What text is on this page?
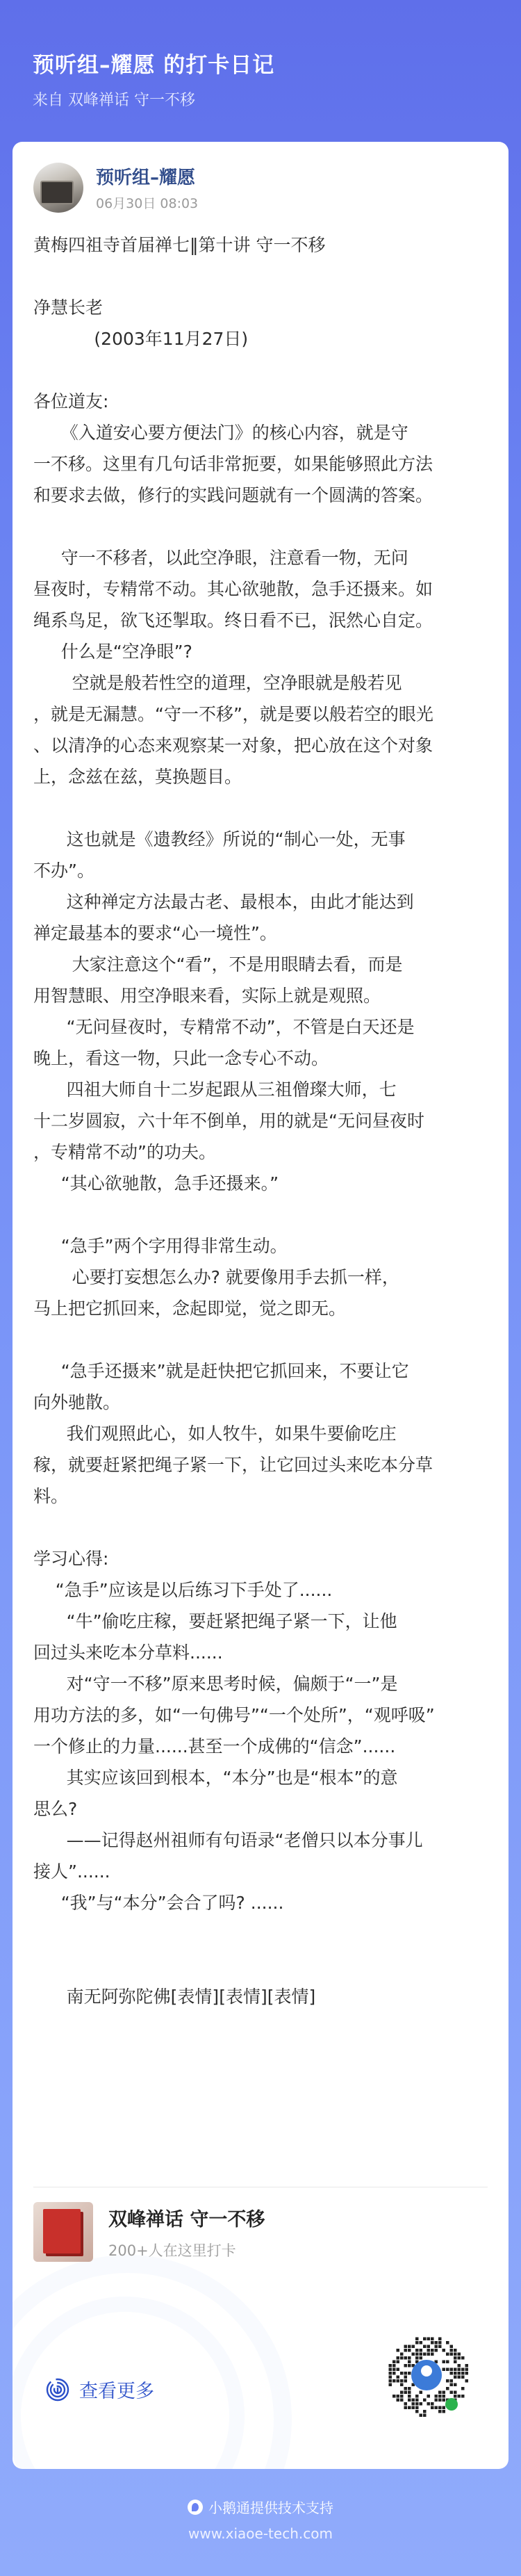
预听组–耀愿 的打卡日记
来自 双峰禅话 守一不移
预听组–耀愿
06月30日 08:03
黄梅四祖寺首届禅七‖第十讲 守一不移
净慧长老
(2003年11月27日)
各位道友:
《入道安心要方便法门》的核心内容，就是守
一不移。这里有几句话非常扼要，如果能够照此方法
和要求去做，修行的实践问题就有一个圆满的答案。
守一不移者，以此空净眼，注意看一物，无问
昼夜时，专精常不动。其心欲驰散，急手还摄来。如
绳系鸟足，欲飞还掣取。终日看不已，泯然心自定。
什么是“空净眼”?
空就是般若性空的道理，空净眼就是般若见
，就是无漏慧。“守一不移”，就是要以般若空的眼光
、以清净的心态来观察某一对象，把心放在这个对象
上，念兹在兹，莫换题目。
这也就是《遗教经》所说的“制心一处，无事
不办”。
这种禅定方法最古老、最根本，由此才能达到
禅定最基本的要求“心一境性”。
大家注意这个“看”，不是用眼睛去看，而是
用智慧眼、用空净眼来看，实际上就是观照。
“无问昼夜时，专精常不动”，不管是白天还是
晚上，看这一物，只此一念专心不动。
四祖大师自十二岁起跟从三祖僧璨大师，七
十二岁圆寂，六十年不倒单，用的就是“无问昼夜时
，专精常不动”的功夫。
“其心欲驰散，急手还摄来。”
“急手”两个字用得非常生动。
心要打妄想怎么办? 就要像用手去抓一样，
马上把它抓回来，念起即觉，觉之即无。
“急手还摄来”就是赶快把它抓回来，不要让它
向外驰散。
我们观照此心，如人牧牛，如果牛要偷吃庄
稼，就要赶紧把绳子紧一下，让它回过头来吃本分草
料。
学习心得:
“急手”应该是以后练习下手处了......
“牛”偷吃庄稼，要赶紧把绳子紧一下，让他
回过头来吃本分草料......
对“守一不移”原来思考时候，偏颇于“一”是
用功方法的多，如“一句佛号”“一个处所”，“观呼吸”
一个修止的力量......甚至一个成佛的“信念”......
其实应该回到根本，“本分”也是“根本”的意
思么?
——记得赵州祖师有句语录“老僧只以本分事儿
接人”......
“我”与“本分”会合了吗? ......
南无阿弥陀佛[表情][表情][表情]
双峰禅话 守一不移
200+人在这里打卡
查看更多
小鹅通提供技术支持
www.xiaoe-tech.com
